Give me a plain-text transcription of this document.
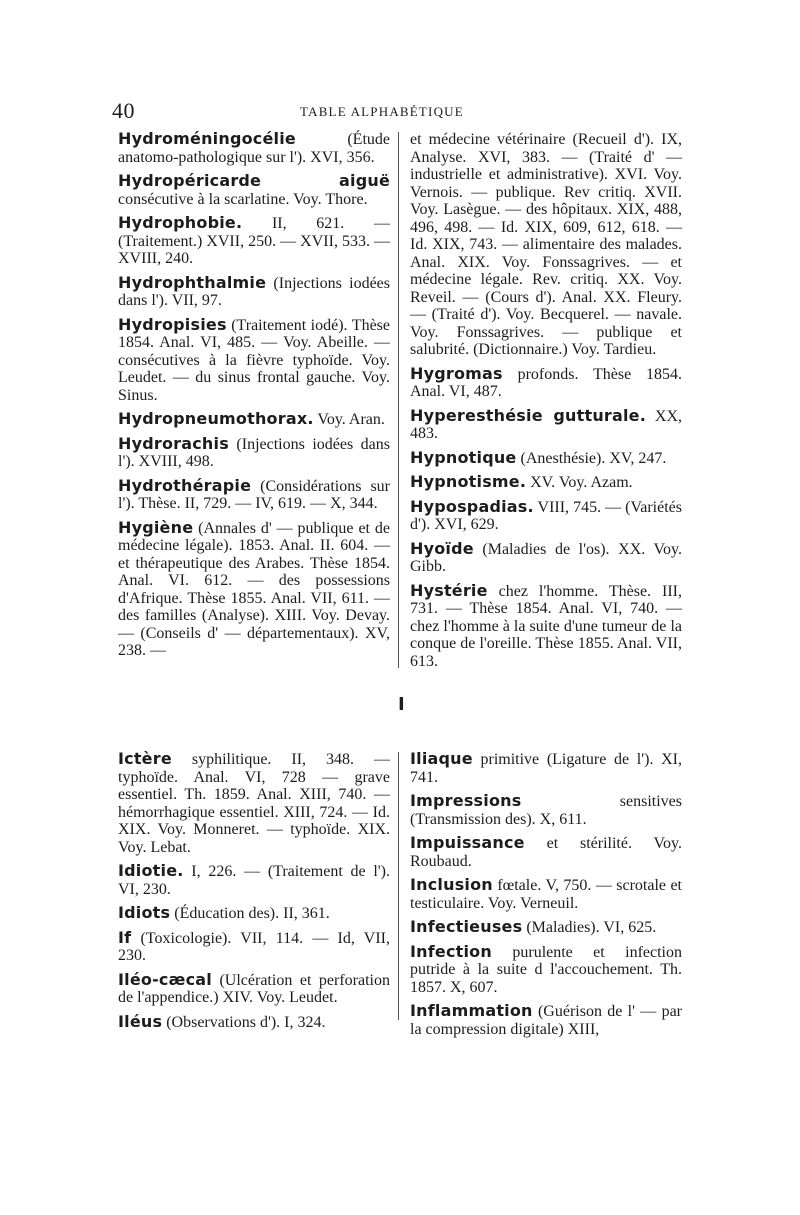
40	TABLE ALPHABÉTIQUE

Hydroméningocélie (Étude anatomo-pathologique sur l'). XVI, 356.

Hydropéricarde aiguë consécutive à la scarlatine. Voy. Thore.

Hydrophobie. II, 621. — (Traitement.) XVII, 250. — XVII, 533. — XVIII, 240.

Hydrophthalmie (Injections iodées dans l'). VII, 97.

Hydropisies (Traitement iodé). Thèse 1854. Anal. VI, 485. — Voy. Abeille. — consécutives à la fièvre typhoïde. Voy. Leudet. — du sinus frontal gauche. Voy. Sinus.

Hydropneumothorax. Voy. Aran.

Hydrorachis (Injections iodées dans l'). XVIII, 498.

Hydrothérapie (Considérations sur l'). Thèse. II, 729. — IV, 619. — X, 344.

Hygiène (Annales d' — publique et de médecine légale). 1853. Anal. II. 604. — et thérapeutique des Arabes. Thèse 1854. Anal. VI. 612. — des possessions d'Afrique. Thèse 1855. Anal. VII, 611. — des familles (Analyse). XIII. Voy. Devay. — (Conseils d' — départementaux). XV, 238. —

et médecine vétérinaire (Recueil d'). IX, Analyse. XVI, 383. — (Traité d' — industrielle et administrative). XVI. Voy. Vernois. — publique. Rev critiq. XVII. Voy. Lasègue. — des hôpitaux. XIX, 488, 496, 498. — Id. XIX, 609, 612, 618. — Id. XIX, 743. — alimentaire des malades. Anal. XIX. Voy. Fonssagrives. — et médecine légale. Rev. critiq. XX. Voy. Reveil. — (Cours d'). Anal. XX. Fleury. — (Traité d'). Voy. Becquerel. — navale. Voy. Fonssagrives. — publique et salubrité. (Dictionnaire.) Voy. Tardieu.

Hygromas profonds. Thèse 1854. Anal. VI, 487.

Hyperesthésie gutturale. XX, 483.

Hypnotique (Anesthésie). XV, 247.

Hypnotisme. XV. Voy. Azam.

Hypospadias. VIII, 745. — (Variétés d'). XVI, 629.

Hyoïde (Maladies de l'os). XX. Voy. Gibb.

Hystérie chez l'homme. Thèse. III, 731. — Thèse 1854. Anal. VI, 740. — chez l'homme à la suite d'une tumeur de la conque de l'oreille. Thèse 1855. Anal. VII, 613.

I

Ictère syphilitique. II, 348. — typhoïde. Anal. VI, 728 — grave essentiel. Th. 1859. Anal. XIII, 740. — hémorrhagique essentiel. XIII, 724. — Id. XIX. Voy. Monneret. — typhoïde. XIX. Voy. Lebat.

Idiotie. I, 226. — (Traitement de l'). VI, 230.

Idiots (Éducation des). II, 361.

If (Toxicologie). VII, 114. — Id, VII, 230.

Iléo-cæcal (Ulcération et perforation de l'appendice.) XIV. Voy. Leudet.

Iléus (Observations d'). I, 324.

Iliaque primitive (Ligature de l'). XI, 741.

Impressions sensitives (Transmission des). X, 611.

Impuissance et stérilité. Voy. Roubaud.

Inclusion fœtale. V, 750. — scrotale et testiculaire. Voy. Verneuil.

Infectieuses (Maladies). VI, 625.

Infection purulente et infection putride à la suite d l'accouchement. Th. 1857. X, 607.

Inflammation (Guérison de l' — par la compression digitale) XIII,
